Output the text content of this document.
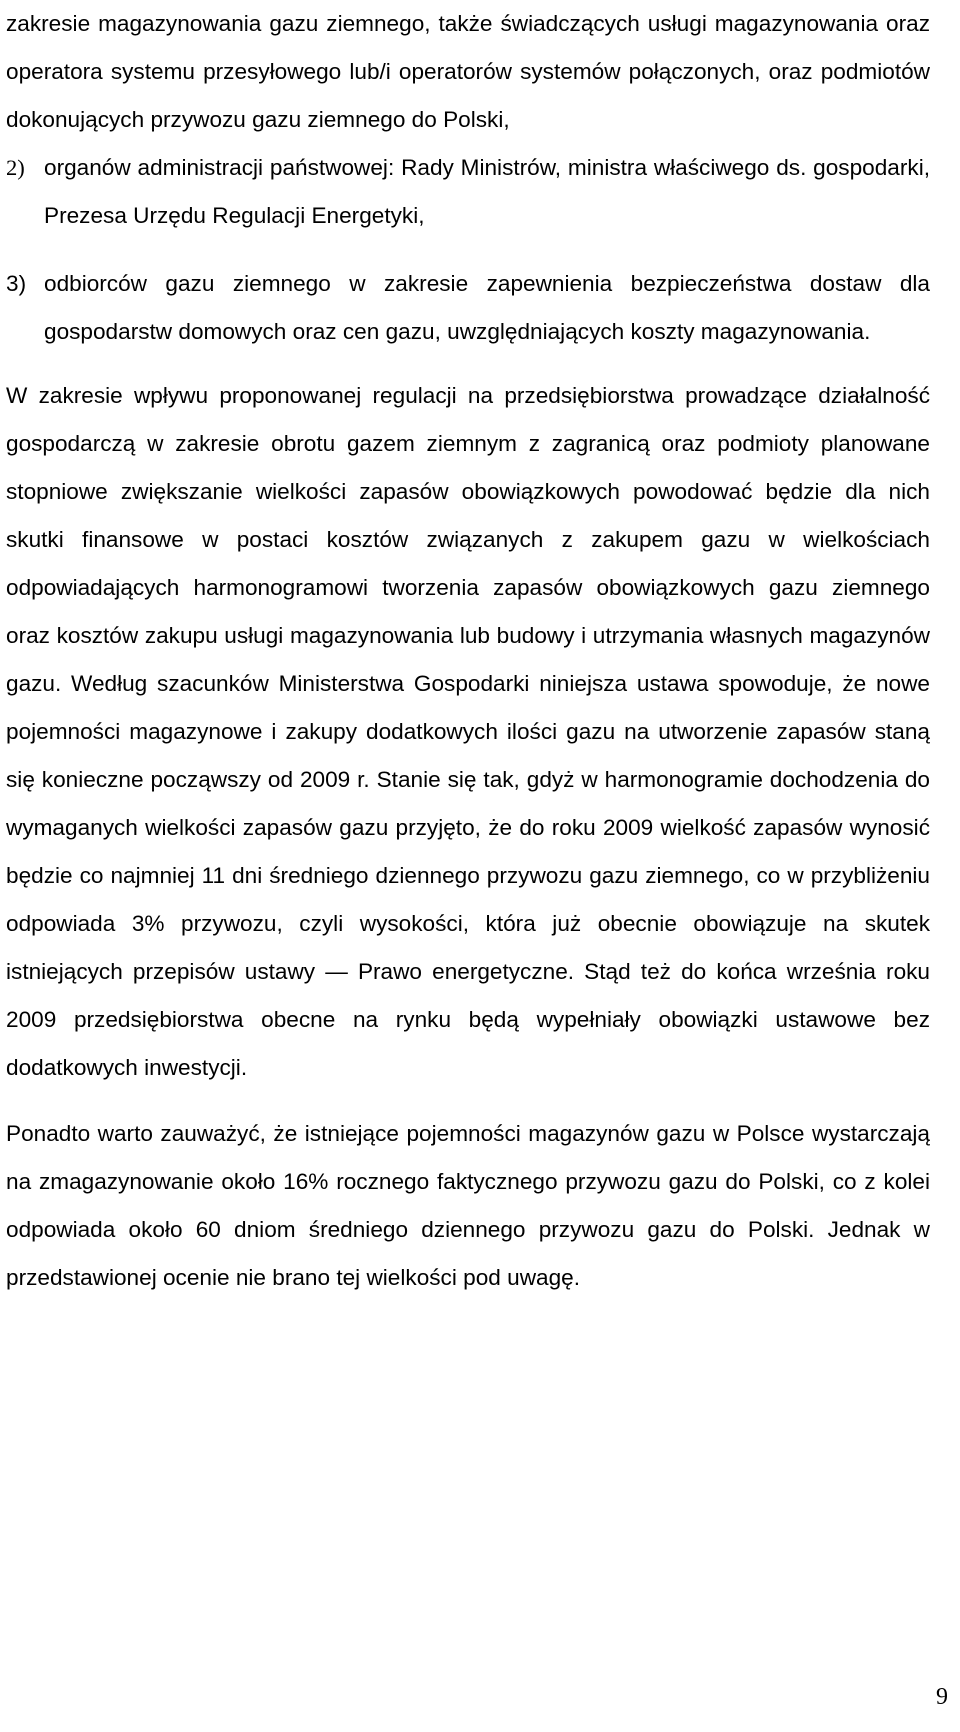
zakresie magazynowania gazu ziemnego, także świadczących usługi magazynowania oraz operatora systemu przesyłowego lub/i operatorów systemów połączonych, oraz podmiotów dokonujących przywozu gazu ziemnego do Polski,

2) organów administracji państwowej: Rady Ministrów, ministra właściwego ds. gospodarki, Prezesa Urzędu Regulacji Energetyki,
3) odbiorców gazu ziemnego w zakresie zapewnienia bezpieczeństwa dostaw dla gospodarstw domowych oraz cen gazu, uwzględniających koszty magazynowania.

W zakresie wpływu proponowanej regulacji na przedsiębiorstwa prowadzące działalność gospodarczą w zakresie obrotu gazem ziemnym z zagranicą oraz podmioty planowane stopniowe zwiększanie wielkości zapasów obowiązkowych powodować będzie dla nich skutki finansowe w postaci kosztów związanych z zakupem gazu w wielkościach odpowiadających harmonogramowi tworzenia zapasów obowiązkowych gazu ziemnego oraz kosztów zakupu usługi magazynowania lub budowy i utrzymania własnych magazynów gazu. Według szacunków Ministerstwa Gospodarki niniejsza ustawa spowoduje, że nowe pojemności magazynowe i zakupy dodatkowych ilości gazu na utworzenie zapasów staną się konieczne począwszy od 2009 r. Stanie się tak, gdyż w harmonogramie dochodzenia do wymaganych wielkości zapasów gazu przyjęto, że do roku 2009 wielkość zapasów wynosić będzie co najmniej 11 dni średniego dziennego przywozu gazu ziemnego, co w przybliżeniu odpowiada 3% przywozu, czyli wysokości, która już obecnie obowiązuje na skutek istniejących przepisów ustawy — Prawo energetyczne. Stąd też do końca września roku 2009 przedsiębiorstwa obecne na rynku będą wypełniały obowiązki ustawowe bez dodatkowych inwestycji.

Ponadto warto zauważyć, że istniejące pojemności magazynów gazu w Polsce wystarczają na zmagazynowanie około 16% rocznego faktycznego przywozu gazu do Polski, co z kolei odpowiada około 60 dniom średniego dziennego przywozu gazu do Polski. Jednak w przedstawionej ocenie nie brano tej wielkości pod uwagę.

9
